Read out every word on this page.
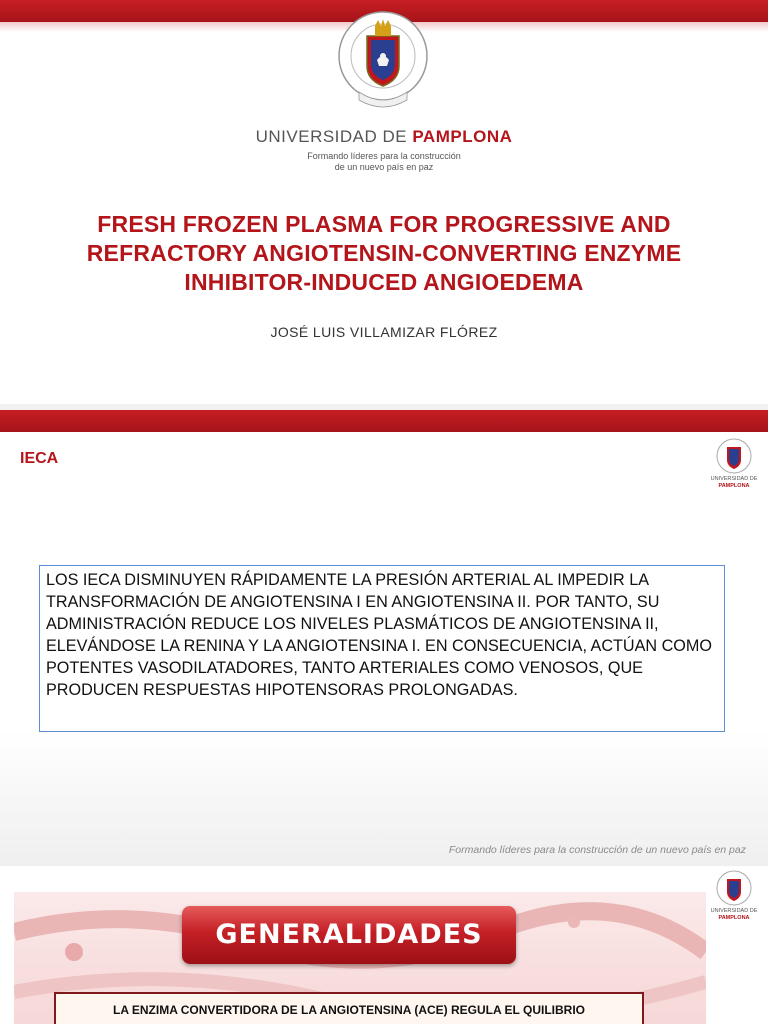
UNIVERSIDAD DE PAMPLONA
Formando líderes para la construcción
de un nuevo país en paz
FRESH FROZEN PLASMA FOR PROGRESSIVE AND REFRACTORY ANGIOTENSIN-CONVERTING ENZYME INHIBITOR-INDUCED ANGIOEDEMA
JOSÉ LUIS VILLAMIZAR FLÓREZ
IECA
UNIVERSIDAD DE
PAMPLONA
LOS IECA DISMINUYEN RÁPIDAMENTE LA PRESIÓN ARTERIAL AL IMPEDIR LA TRANSFORMACIÓN DE ANGIOTENSINA I EN ANGIOTENSINA II. POR TANTO, SU ADMINISTRACIÓN REDUCE LOS NIVELES PLASMÁTICOS DE ANGIOTENSINA II, ELEVÁNDOSE LA RENINA Y LA ANGIOTENSINA I. EN CONSECUENCIA, ACTÚAN COMO POTENTES VASODILATADORES, TANTO ARTERIALES COMO VENOSOS, QUE PRODUCEN RESPUESTAS HIPOTENSORAS PROLONGADAS.
Formando líderes para la construcción de un nuevo país en paz
UNIVERSIDAD DE
PAMPLONA
GENERALIDADES
LA ENZIMA CONVERTIDORA DE LA ANGIOTENSINA (ACE) REGULA EL QUILIBRIO
